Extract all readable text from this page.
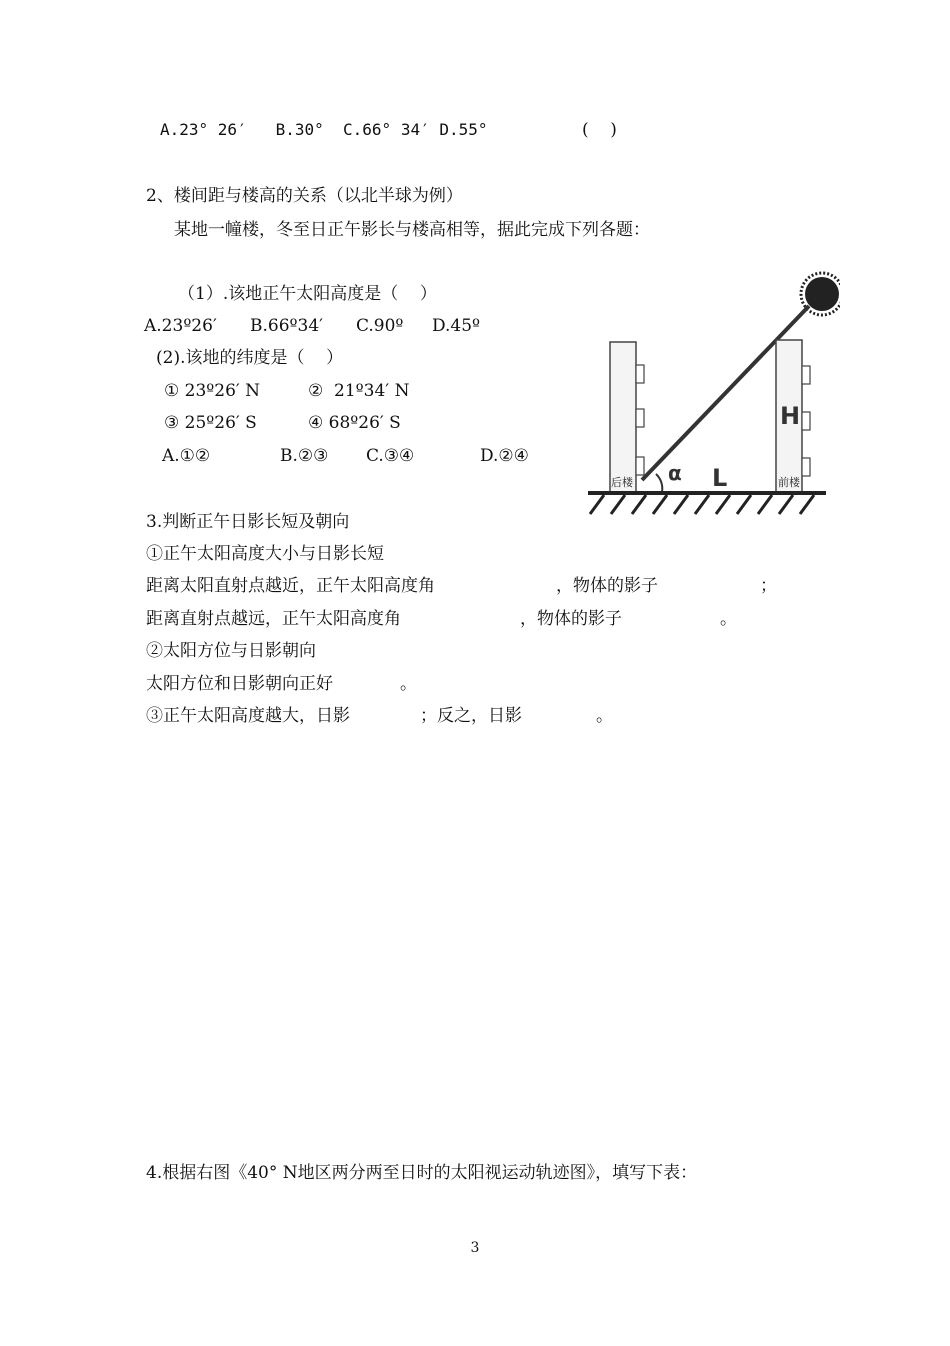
A.23° 26′   B.30°  C.66° 34′ D.55°	(    )
2、楼间距与楼高的关系（以北半球为例）
某地一幢楼，冬至日正午影长与楼高相等，据此完成下列各题：
（1）.该地正午太阳高度是（    ）
A.23º26′ B.66º34′ C.90º D.45º
(2).该地的纬度是（    ）
① 23º26′ N	②  21º34′ N
③ 25º26′ S	④ 68º26′ S
A.①②	B.②③ C.③④	D.②④
后楼	前楼
H
α L
3.判断正午日影长短及朝向
①正午太阳高度大小与日影长短
距离太阳直射点越近，正午太阳高度角	，物体的影子	；
距离直射点越远，正午太阳高度角	，物体的影子	。
②太阳方位与日影朝向
太阳方位和日影朝向正好	。
③正午太阳高度越大，日影	；反之，日影	。
4.根据右图《40° N地区两分两至日时的太阳视运动轨迹图》，填写下表：
3
